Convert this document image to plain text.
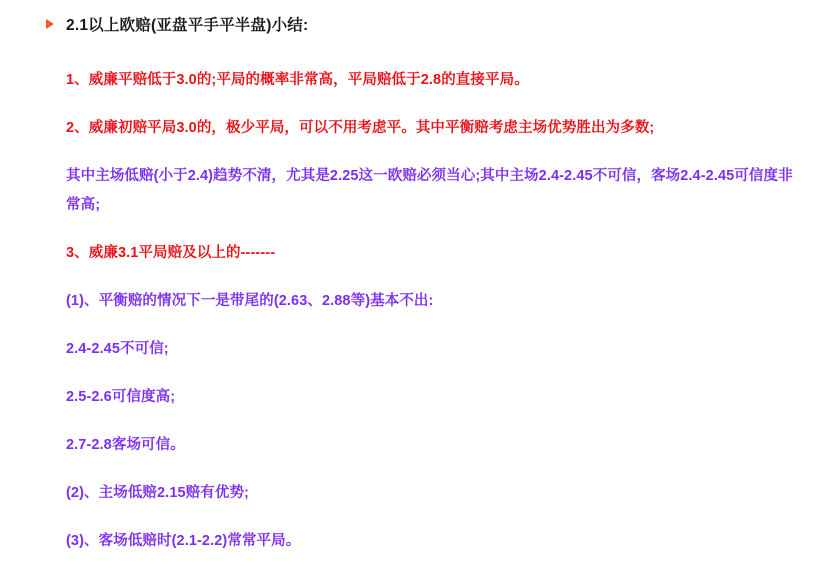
2.1以上欧赔(亚盘平手平半盘)小结:

1、威廉平赔低于3.0的;平局的概率非常高，平局赔低于2.8的直接平局。

2、威廉初赔平局3.0的，极少平局，可以不用考虑平。其中平衡赔考虑主场优势胜出为多数;

其中主场低赔(小于2.4)趋势不清，尤其是2.25这一欧赔必须当心;其中主场2.4-2.45不可信，客场2.4-2.45可信度非常高;

3、威廉3.1平局赔及以上的-------

(1)、平衡赔的情况下一是带尾的(2.63、2.88等)基本不出:

2.4-2.45不可信;

2.5-2.6可信度高;

2.7-2.8客场可信。

(2)、主场低赔2.15赔有优势;

(3)、客场低赔时(2.1-2.2)常常平局。
